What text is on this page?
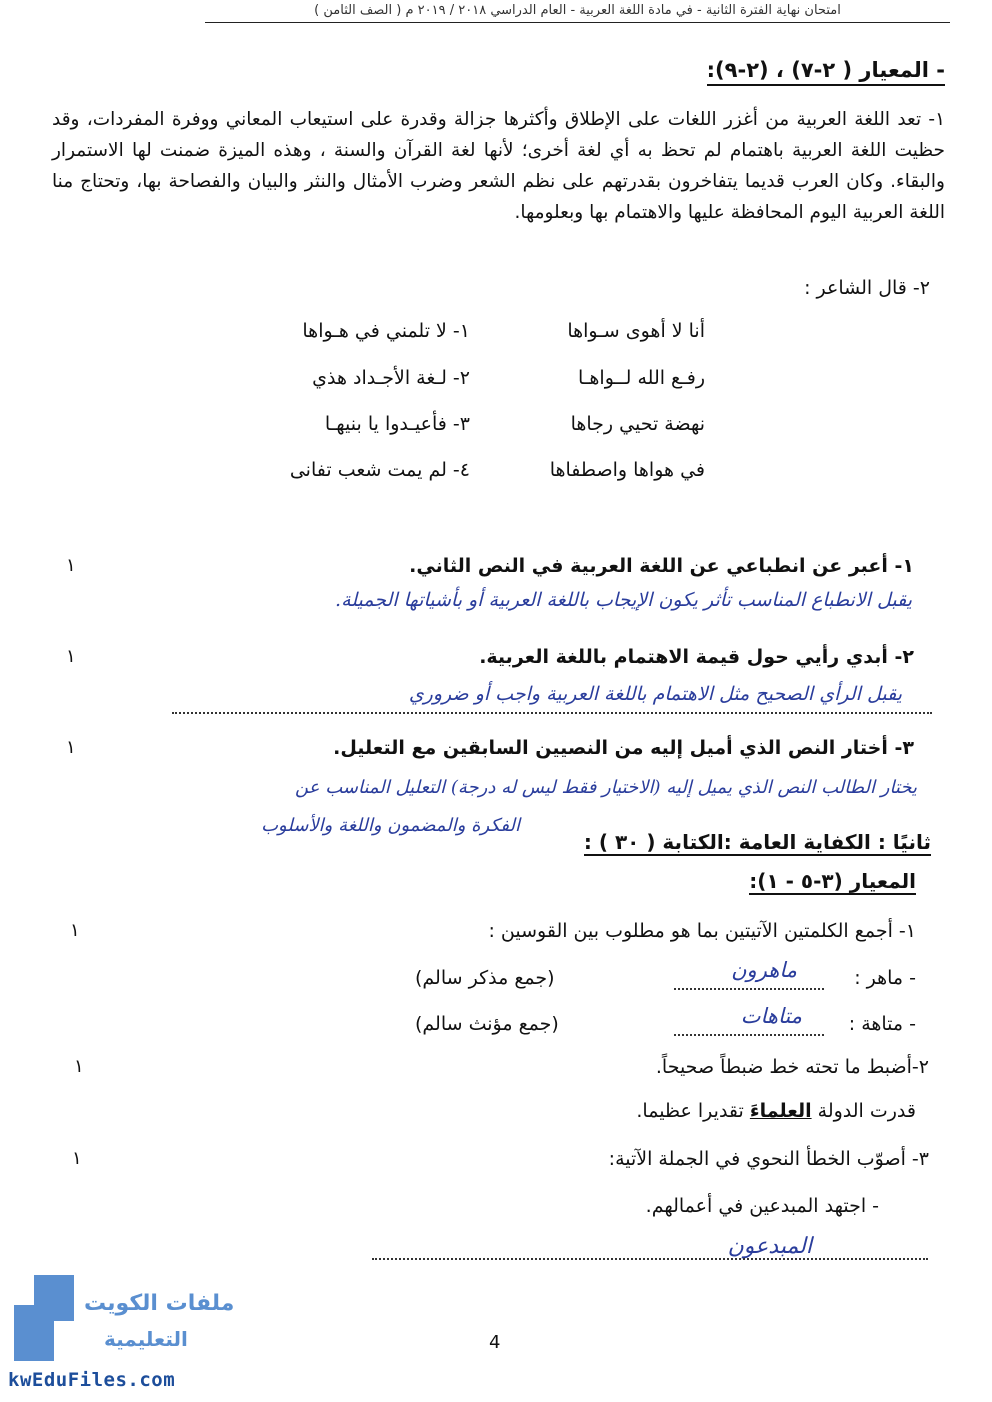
امتحان نهاية الفترة الثانية - في مادة اللغة العربية - العام الدراسي ٢٠١٨ / ٢٠١٩ م ( الصف الثامن )
- المعيار ( ٢-٧) ، (٢-٩):
١- تعد اللغة العربية من أغزر اللغات على الإطلاق وأكثرها جزالة وقدرة على استيعاب المعاني ووفرة المفردات، وقد حظيت اللغة العربية باهتمام لم تحظ به أي لغة أخرى؛ لأنها لغة القرآن والسنة ، وهذه الميزة ضمنت لها الاستمرار والبقاء. وكان العرب قديما يتفاخرون بقدرتهم على نظم الشعر وضرب الأمثال والنثر والبيان والفصاحة بها، وتحتاج منا اللغة العربية اليوم المحافظة عليها والاهتمام بها وبعلومها.
٢- قال الشاعر :
١- لا تلمني في هـواها	أنا لا أهوى سـواها
٢- لـغة الأجـداد هذي	رفـع الله لــواهـا
٣- فأعيـدوا يا بنيهـا	نهضة تحيي رجاها
٤- لم يمت شعب تفانى	في هواها واصطفاها
١- أعبر عن انطباعي عن اللغة العربية في النص الثاني.
١
يقبل الانطباع المناسب تأثر يكون الإيجاب باللغة العربية أو بأشياتها الجميلة.
٢- أبدي رأيي حول قيمة الاهتمام باللغة العربية.
١
يقبل الرأي الصحيح مثل الاهتمام باللغة العربية واجب أو ضروري
٣- أختار النص الذي أميل إليه من النصيين السابقين مع التعليل.
١
يختار الطالب النص الذي يميل إليه (الاختيار فقط ليس له درجة) التعليل المناسب عن
الفكرة والمضمون واللغة والأسلوب
ثانيًا : الكفاية العامة :الكتابة ( ٣٠ ) :
المعيار (٣-٥ - ١):
١- أجمع الكلمتين الآتيتين بما هو مطلوب بين القوسين :
١
- ماهر :
ماهرون
(جمع مذكر سالم)
- متاهة :
متاهات
(جمع مؤنث سالم)
٢-أضبط ما تحته خط ضبطاً صحيحاً.
١
قدرت الدولة العلماءَ تقديرا عظيما.
٣- أصوّب الخطأ النحوي في الجملة الآتية:
١
- اجتهد المبدعين في أعمالهم.
المبدعون
4
ملفات الكويت
التعليمية
kwEduFiles.com
